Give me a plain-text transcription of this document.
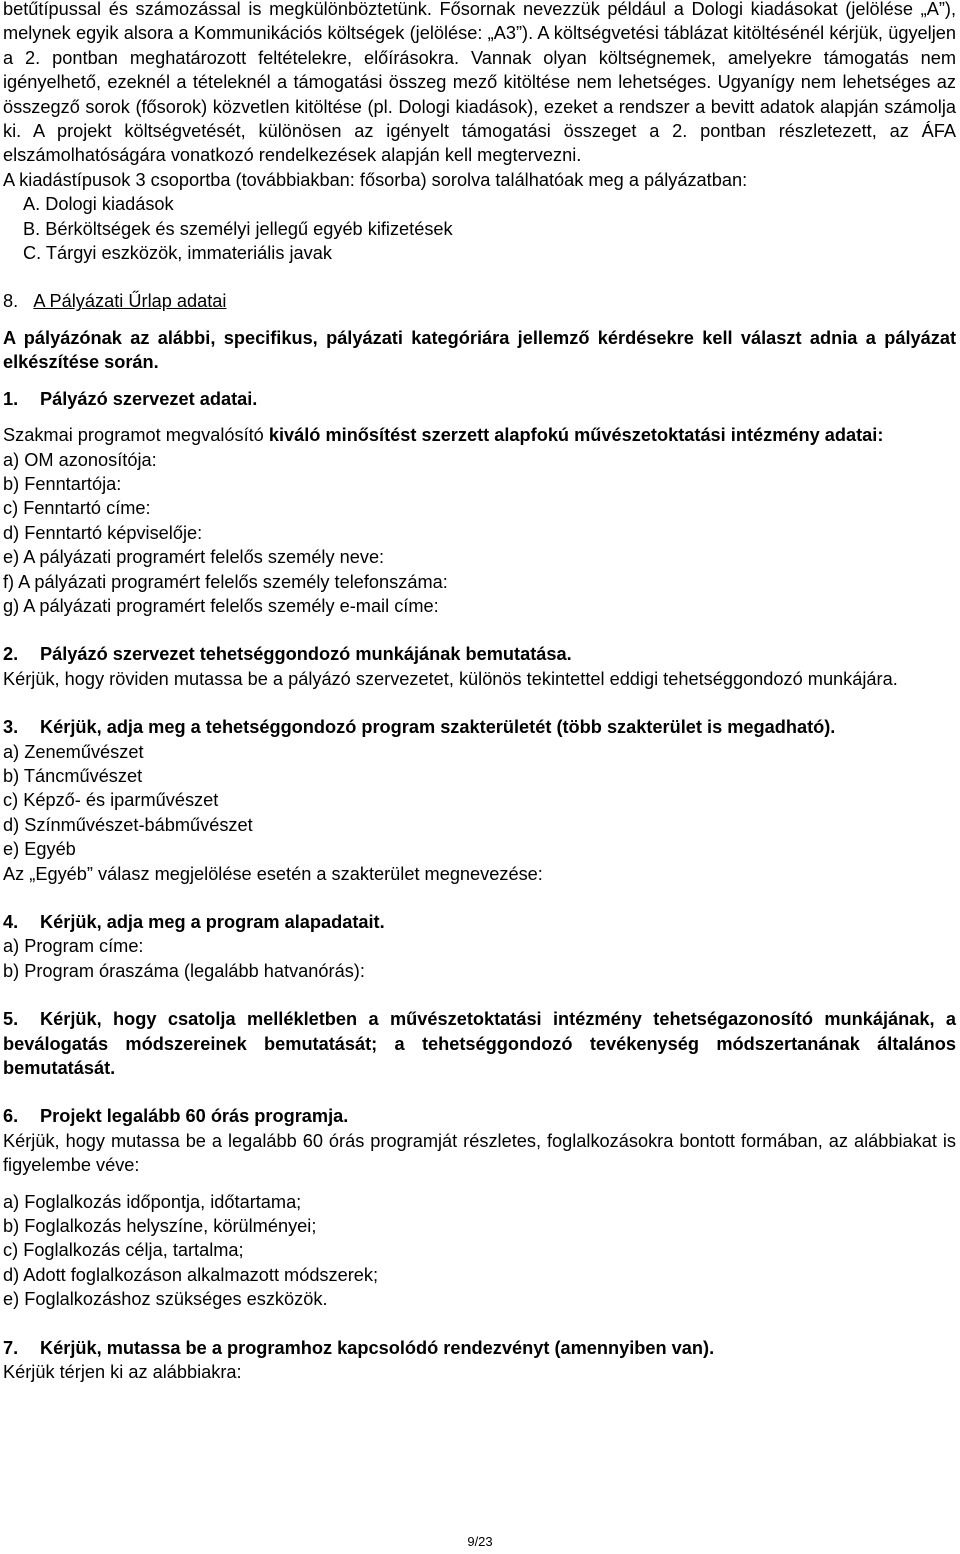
betűtípussal és számozással is megkülönböztetünk. Fősornak nevezzük például a Dologi kiadásokat (jelölése „A”), melynek egyik alsora a Kommunikációs költségek (jelölése: „A3”). A költségvetési táblázat kitöltésénél kérjük, ügyeljen a 2. pontban meghatározott feltételekre, előírásokra. Vannak olyan költségnemek, amelyekre támogatás nem igényelhető, ezeknél a tételeknél a támogatási összeg mező kitöltése nem lehetséges. Ugyanígy nem lehetséges az összegző sorok (fősorok) közvetlen kitöltése (pl. Dologi kiadások), ezeket a rendszer a bevitt adatok alapján számolja ki. A projekt költségvetését, különösen az igényelt támogatási összeget a 2. pontban részletezett, az ÁFA elszámolhatóságára vonatkozó rendelkezések alapján kell megtervezni.

A kiadástípusok 3 csoportba (továbbiakban: fősorba) sorolva találhatóak meg a pályázatban:

A. Dologi kiadások

B. Bérköltségek és személyi jellegű egyéb kifizetések

C. Tárgyi eszközök, immateriális javak

8. A Pályázati Űrlap adatai

A pályázónak az alábbi, specifikus, pályázati kategóriára jellemző kérdésekre kell választ adnia a pályázat elkészítése során.

1.	Pályázó szervezet adatai.

Szakmai programot megvalósító kiváló minősítést szerzett alapfokú művészetoktatási intézmény adatai:

a) OM azonosítója:

b) Fenntartója:

c) Fenntartó címe:

d) Fenntartó képviselője:

e) A pályázati programért felelős személy neve:

f) A pályázati programért felelős személy telefonszáma:

g) A pályázati programért felelős személy e-mail címe:

2.	Pályázó szervezet tehetséggondozó munkájának bemutatása.

Kérjük, hogy röviden mutassa be a pályázó szervezetet, különös tekintettel eddigi tehetséggondozó munkájára.

3.	Kérjük, adja meg a tehetséggondozó program szakterületét (több szakterület is megadható).

a) Zeneművészet

b) Táncművészet

c) Képző- és iparművészet

d) Színművészet-bábművészet

e) Egyéb

Az „Egyéb” válasz megjelölése esetén a szakterület megnevezése:

4.	Kérjük, adja meg a program alapadatait.

a) Program címe:

b) Program óraszáma (legalább hatvanórás):

5. Kérjük, hogy csatolja mellékletben a művészetoktatási intézmény tehetségazonosító munkájának, a beválogatás módszereinek bemutatását; a tehetséggondozó tevékenység módszertanának általános bemutatását.

6.	Projekt legalább 60 órás programja.

Kérjük, hogy mutassa be a legalább 60 órás programját részletes, foglalkozásokra bontott formában, az alábbiakat is figyelembe véve:

a) Foglalkozás időpontja, időtartama;

b) Foglalkozás helyszíne, körülményei;

c) Foglalkozás célja, tartalma;

d) Adott foglalkozáson alkalmazott módszerek;

e) Foglalkozáshoz szükséges eszközök.

7.	Kérjük, mutassa be a programhoz kapcsolódó rendezvényt (amennyiben van).

Kérjük térjen ki az alábbiakra:

9/23
